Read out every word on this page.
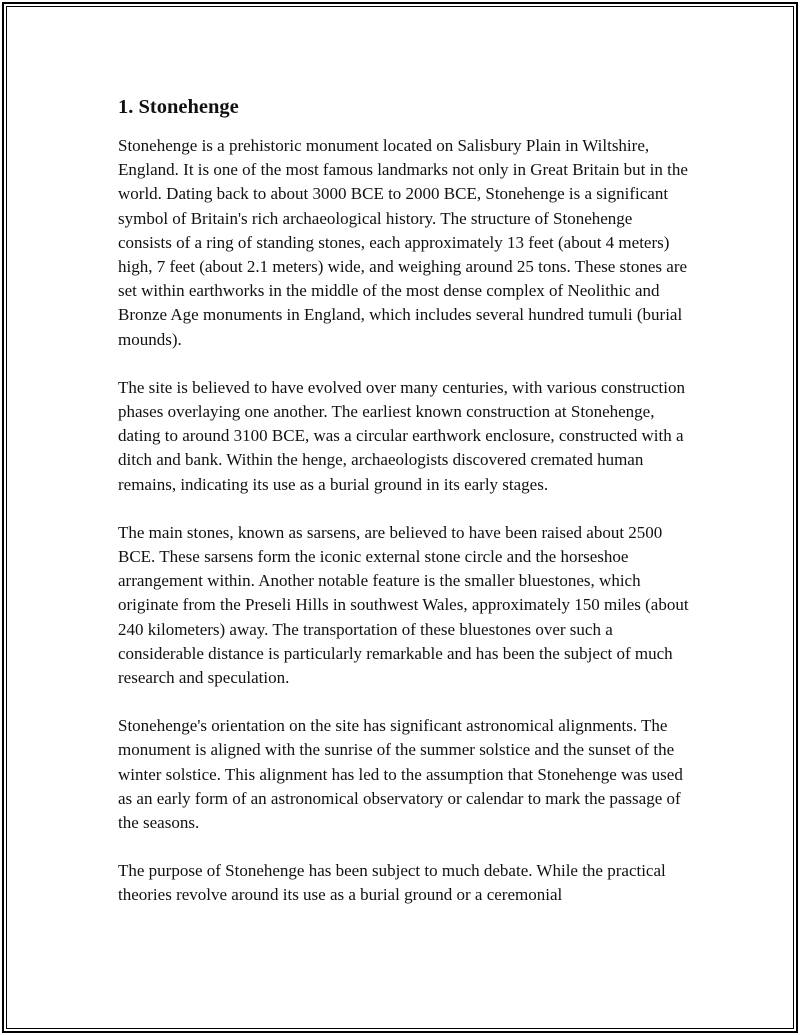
1. Stonehenge

Stonehenge is a prehistoric monument located on Salisbury Plain in Wiltshire, England. It is one of the most famous landmarks not only in Great Britain but in the world. Dating back to about 3000 BCE to 2000 BCE, Stonehenge is a significant symbol of Britain's rich archaeological history. The structure of Stonehenge consists of a ring of standing stones, each approximately 13 feet (about 4 meters) high, 7 feet (about 2.1 meters) wide, and weighing around 25 tons. These stones are set within earthworks in the middle of the most dense complex of Neolithic and Bronze Age monuments in England, which includes several hundred tumuli (burial mounds).

The site is believed to have evolved over many centuries, with various construction phases overlaying one another. The earliest known construction at Stonehenge, dating to around 3100 BCE, was a circular earthwork enclosure, constructed with a ditch and bank. Within the henge, archaeologists discovered cremated human remains, indicating its use as a burial ground in its early stages.

The main stones, known as sarsens, are believed to have been raised about 2500 BCE. These sarsens form the iconic external stone circle and the horseshoe arrangement within. Another notable feature is the smaller bluestones, which originate from the Preseli Hills in southwest Wales, approximately 150 miles (about 240 kilometers) away. The transportation of these bluestones over such a considerable distance is particularly remarkable and has been the subject of much research and speculation.

Stonehenge's orientation on the site has significant astronomical alignments. The monument is aligned with the sunrise of the summer solstice and the sunset of the winter solstice. This alignment has led to the assumption that Stonehenge was used as an early form of an astronomical observatory or calendar to mark the passage of the seasons.

The purpose of Stonehenge has been subject to much debate. While the practical theories revolve around its use as a burial ground or a ceremonial
